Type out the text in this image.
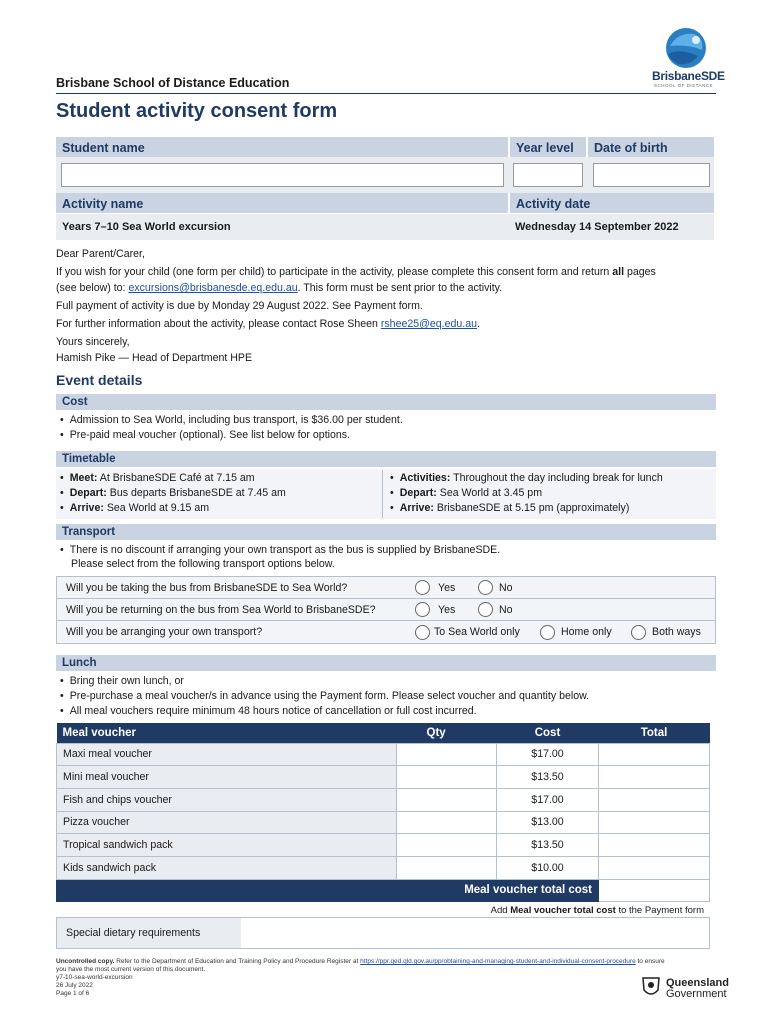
BrisbaneSDE
SCHOOL OF DISTANCE
Brisbane School of Distance Education
Student activity consent form
Student name	Year level	Date of birth
Activity name	Activity date
Years 7–10 Sea World excursion	Wednesday 14 September 2022
Dear Parent/Carer,
If you wish for your child (one form per child) to participate in the activity, please complete this consent form and return all pages
(see below) to: excursions@brisbanesde.eq.edu.au. This form must be sent prior to the activity.
Full payment of activity is due by Monday 29 August 2022. See Payment form.
For further information about the activity, please contact Rose Sheen rshee25@eq.edu.au.
Yours sincerely,
Hamish Pike — Head of Department HPE
Event details
Cost
• Admission to Sea World, including bus transport, is $36.00 per student.
• Pre-paid meal voucher (optional). See list below for options.
Timetable
• Meet: At BrisbaneSDE Café at 7.15 am
• Depart: Bus departs BrisbaneSDE at 7.45 am
• Arrive: Sea World at 9.15 am
• Activities: Throughout the day including break for lunch
• Depart: Sea World at 3.45 pm
• Arrive: BrisbaneSDE at 5.15 pm (approximately)
Transport
• There is no discount if arranging your own transport as the bus is supplied by BrisbaneSDE.
Please select from the following transport options below.
Will you be taking the bus from BrisbaneSDE to Sea World?	Yes	No
Will you be returning on the bus from Sea World to BrisbaneSDE?	Yes	No
Will you be arranging your own transport?	To Sea World only	Home only	Both ways
Lunch
• Bring their own lunch, or
• Pre-purchase a meal voucher/s in advance using the Payment form. Please select voucher and quantity below.
• All meal vouchers require minimum 48 hours notice of cancellation or full cost incurred.
Meal voucher	Qty	Cost	Total
Maxi meal voucher		$17.00	
Mini meal voucher		$13.50	
Fish and chips voucher		$17.00	
Pizza voucher		$13.00	
Tropical sandwich pack		$13.50	
Kids sandwich pack		$10.00	
Meal voucher total cost			
Add Meal voucher total cost to the Payment form
Special dietary requirements
Uncontrolled copy. Refer to the Department of Education and Training Policy and Procedure Register at https://ppr.qed.qld.gov.au/pp/obtaining-and-managing-student-and-individual-consent-procedure to ensure
you have the most current version of this document.
y7-10-sea-world-excursion
26 July 2022
Page 1 of 6
Queensland
Government
